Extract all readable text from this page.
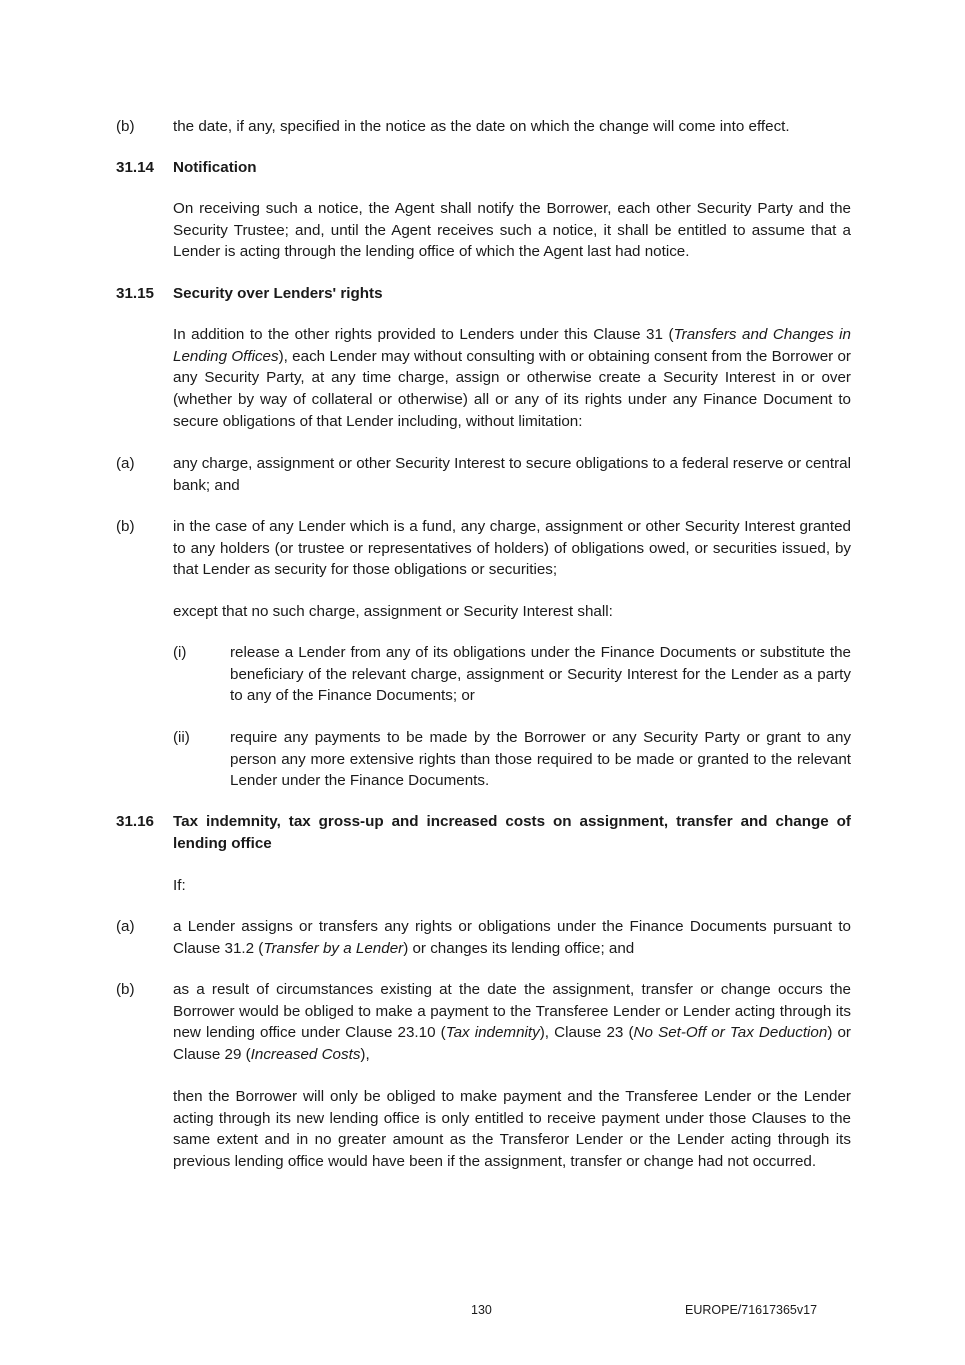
(b)	the date, if any, specified in the notice as the date on which the change will come into effect.

31.14 Notification

On receiving such a notice, the Agent shall notify the Borrower, each other Security Party and the Security Trustee; and, until the Agent receives such a notice, it shall be entitled to assume that a Lender is acting through the lending office of which the Agent last had notice.

31.15 Security over Lenders' rights

In addition to the other rights provided to Lenders under this Clause 31 (Transfers and Changes in Lending Offices), each Lender may without consulting with or obtaining consent from the Borrower or any Security Party, at any time charge, assign or otherwise create a Security Interest in or over (whether by way of collateral or otherwise) all or any of its rights under any Finance Document to secure obligations of that Lender including, without limitation:

(a)	any charge, assignment or other Security Interest to secure obligations to a federal reserve or central bank; and

(b)	in the case of any Lender which is a fund, any charge, assignment or other Security Interest granted to any holders (or trustee or representatives of holders) of obligations owed, or securities issued, by that Lender as security for those obligations or securities;

except that no such charge, assignment or Security Interest shall:

(i)	release a Lender from any of its obligations under the Finance Documents or substitute the beneficiary of the relevant charge, assignment or Security Interest for the Lender as a party to any of the Finance Documents; or

(ii)	require any payments to be made by the Borrower or any Security Party or grant to any person any more extensive rights than those required to be made or granted to the relevant Lender under the Finance Documents.

31.16 Tax indemnity, tax gross-up and increased costs on assignment, transfer and change of lending office

If:

(a)	a Lender assigns or transfers any rights or obligations under the Finance Documents pursuant to Clause 31.2 (Transfer by a Lender) or changes its lending office; and

(b)	as a result of circumstances existing at the date the assignment, transfer or change occurs the Borrower would be obliged to make a payment to the Transferee Lender or Lender acting through its new lending office under Clause 23.10 (Tax indemnity), Clause 23 (No Set-Off or Tax Deduction) or Clause 29 (Increased Costs),

then the Borrower will only be obliged to make payment and the Transferee Lender or the Lender acting through its new lending office is only entitled to receive payment under those Clauses to the same extent and in no greater amount as the Transferor Lender or the Lender acting through its previous lending office would have been if the assignment, transfer or change had not occurred.

130	EUROPE/71617365v17
